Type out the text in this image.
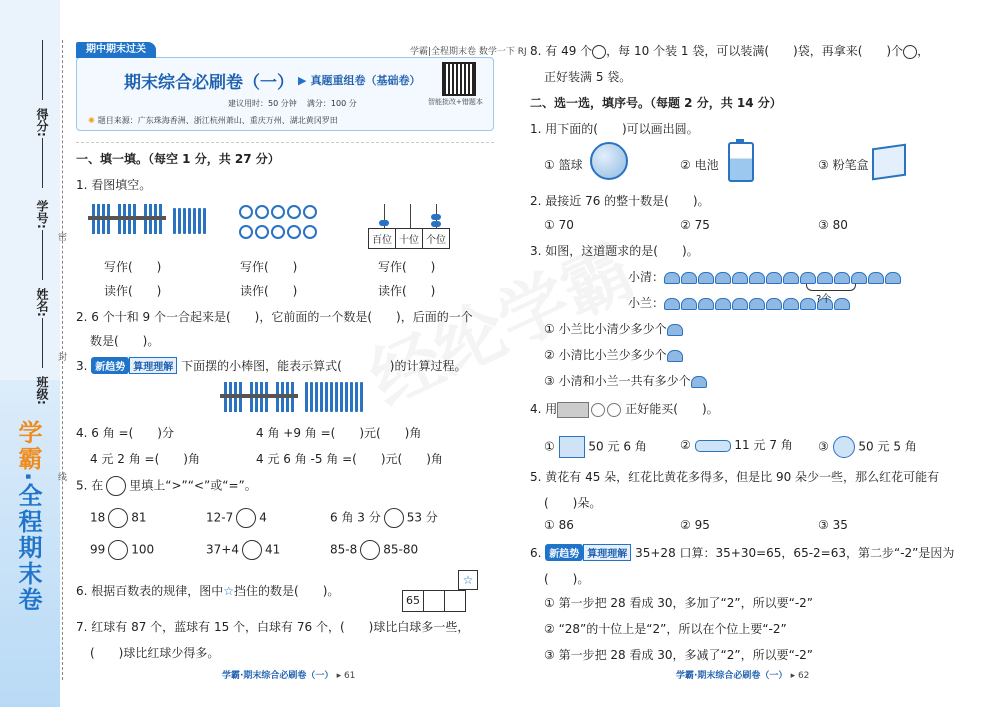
得分:
学号:
姓名:
班级:
学霸·全程期末卷
密
封
线
期中期末过关	学霸|全程期末卷 数学一下 RJ
期末综合必刷卷（一） ▶ 真题重组卷（基础卷）
建议用时：50 分钟 满分：100 分	智能批改+错题本
✺ 题目来源：广东珠海香洲、浙江杭州萧山、重庆万州、湖北黄冈罗田
一、填一填。（每空 1 分，共 27 分）
1. 看图填空。

百位 十位 个位
写作(　　)	写作(　　)	写作(　　)
读作(　　)	读作(　　)	读作(　　)
2. 6 个十和 9 个一合起来是(　　)，它前面的一个数是(　　)，后面的一个
数是(　　)。
3. 新趋势 算理理解 下面摆的小棒图，能表示算式(　　　　)的计算过程。

4. 6 角 =(　　)分	4 角 +9 角 =(　　)元(　　)角
4 元 2 角 =(　　)角	4 元 6 角 -5 角 =(　　)元(　　)角
5. 在 里填上“>”“<”或“=”。
18 81	12-7 4	6 角 3 分 53 分
99 100	37+4 41	85-8 85-80
6. 根据百数表的规律，图中☆挡住的数是(　　)。
☆
65
7. 红球有 87 个，蓝球有 15 个，白球有 76 个，(　　)球比白球多一些，
(　　)球比红球少得多。
学霸·期末综合必刷卷（一） ▸ 61
8. 有 49 个 ，每 10 个装 1 袋，可以装满(　　)袋，再拿来(　　)个 ，
正好装满 5 袋。
二、选一选，填序号。（每题 2 分，共 14 分）
1. 用下面的(　　)可以画出圆。
① 篮球	② 电池	③ 粉笔盒
2. 最接近 76 的整十数是(　　)。
① 70	② 75	③ 80
3. 如图，这道题求的是(　　)。
小清：
小兰：	?个
① 小兰比小清少多少个
② 小清比小兰少多少个
③ 小清和小兰一共有多少个
4. 用	正好能买(　　)。
①	50 元 6 角	②	11 元 7 角 ③ 50 元 5 角
5. 黄花有 45 朵，红花比黄花多得多，但是比 90 朵少一些，那么红花可能有
(　　)朵。
① 86	② 95	③ 35
6. 新趋势 算理理解 35+28 口算：35+30=65，65-2=63，第二步“-2”是因为
(　　)。
① 第一步把 28 看成 30，多加了“2”，所以要“-2”
② “28”的十位上是“2”，所以在个位上要“-2”
③ 第一步把 28 看成 30，多减了“2”，所以要“-2”
学霸·期末综合必刷卷（一） ▸ 62
